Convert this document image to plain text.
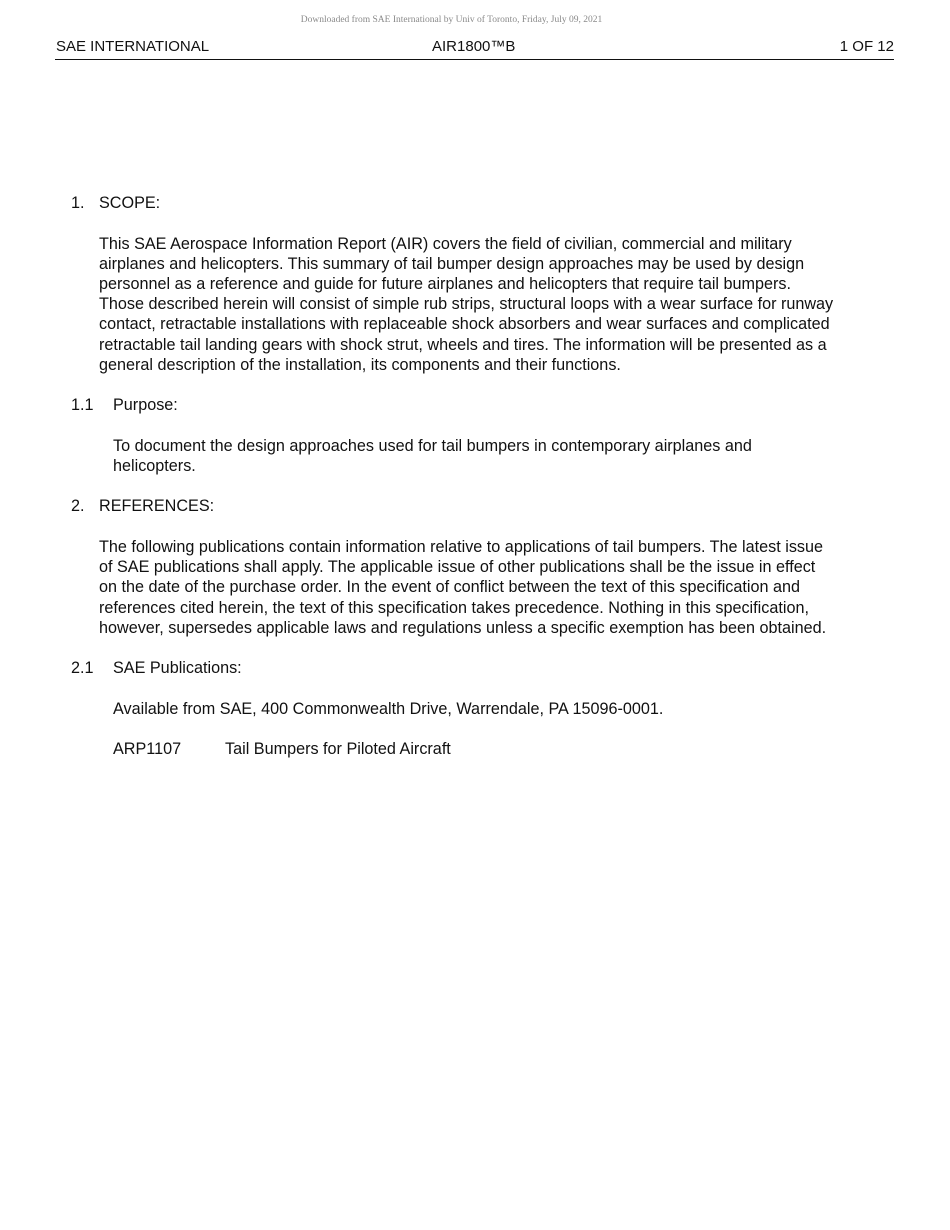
Downloaded from SAE International by Univ of Toronto, Friday, July 09, 2021
SAE INTERNATIONAL	AIR1800™B	1 OF 12
1. SCOPE:
This SAE Aerospace Information Report (AIR) covers the field of civilian, commercial and military
airplanes and helicopters. This summary of tail bumper design approaches may be used by design
personnel as a reference and guide for future airplanes and helicopters that require tail bumpers.
Those described herein will consist of simple rub strips, structural loops with a wear surface for runway
contact, retractable installations with replaceable shock absorbers and wear surfaces and complicated
retractable tail landing gears with shock strut, wheels and tires. The information will be presented as a
general description of the installation, its components and their functions.
1.1 Purpose:
To document the design approaches used for tail bumpers in contemporary airplanes and
helicopters.
2. REFERENCES:
The following publications contain information relative to applications of tail bumpers. The latest issue
of SAE publications shall apply. The applicable issue of other publications shall be the issue in effect
on the date of the purchase order. In the event of conflict between the text of this specification and
references cited herein, the text of this specification takes precedence. Nothing in this specification,
however, supersedes applicable laws and regulations unless a specific exemption has been obtained.
2.1 SAE Publications:
Available from SAE, 400 Commonwealth Drive, Warrendale, PA 15096-0001.
ARP1107	Tail Bumpers for Piloted Aircraft
